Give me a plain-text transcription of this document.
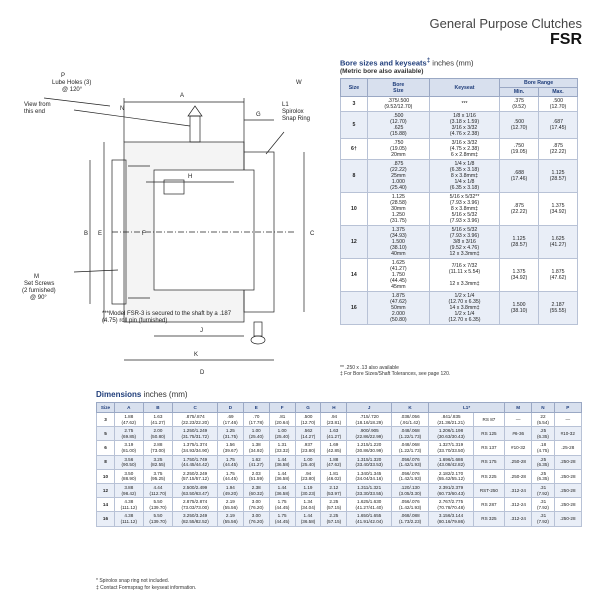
General Purpose Clutches
FSR
View from
this end
P
Lube Holes (3)
@ 120°
L1
Spirolox
Snap Ring
M
Set Screws
(2 furnished)
@ 90°
***Model FSR-3 is secured to the shaft by a .187
(4.75) roll pin (furnished)
A
W
G
N
H
B E	F	C
K
J
D
Bore sizes and keyseats‡ inches (mm)
(Metric bore also available)
Size	Bore
Size	Keyseat	Bore Range	
			Min.	Max.
3	.375/.500
(9.52/12.70)	***	.375
(9.52)	.500
(12.70)
5	.500
(12.70)
.625
(15.88)	1/8 x 1/16
(3.18 x 1.59)
3/16 x 3/32
(4.76 x 2.38)	.500
(12.70)	.687
(17.45)
6†	.750
(19.05)
20mm	3/16 x 3/32
(4.75 x 2.38)
6 x 2.8mm‡	.750
(19.05)	.875
(22.22)
8	.875
(22.22)
25mm
1.000
(25.40)	1/4 x 1/8
(6.35 x 3.18)
8 x 3.8mm‡
1/4 x 1/8
(6.35 x 3.18)	.688
(17.46)	1.125
(28.57)
10	1.125
(28.58)
30mm
1.250
(31.75)	5/16 x 5/32**
(7.93 x 3.96)
8 x 3.8mm‡
5/16 x 5/32
(7.93 x 3.96)	.875
(22.22)	1.375
(34.92)
12	1.375
(34.93)
1.500
(38.10)
40mm	5/16 x 5/32
(7.93 x 3.96)
3/8 x 3/16
(9.52 x 4.76)
12 x 3.3mm‡	1.125
(28.57)	1.625
(41.27)
14	1.625
(41.27)
1.750
(44.45)
45mm	7/16 x 7/32
(11.11 x 5.54)

12 x 3.3mm‡	1.375
(34.92)	1.875
(47.62)
16	1.875
(47.62)
50mm
2.000
(50.80)	1/2 x 1/4
(12.70 x 6.35)
14 x 3.8mm‡
1/2 x 1/4
(12.70 x 6.35)	1.500
(38.10)	2.187
(55.55)
** .250 x .13 also available
‡ For Bore Sizes/Shaft Tolerances, see page 120.
Dimensions inches (mm)
Size	A	B	C	D	E	F	G	H	J	K	L1*		M	N	P
3	1.88
(47.62)	1.63
(41.27)	.875/.874
(22.23/22.20)	.69
(17.46)	.70
(17.78)	.81
(20.64)	.500
(12.70)	.94
(23.81)	.715/.720
(18.16/18.29)	.038/.056
(.91/1.42)	.841/.835
(21.36/21.21)	RS 87	—	22
(5.54)	—
5	2.75
(69.85)	2.00
(50.80)	1.250/1.249
(31.75/31.72)	1.25
(31.75)	1.00
(25.40)	1.00
(25.40)	.562
(14.27)	1.63
(41.27)	.900/.905
(22.86/22.99)	.048/.068
(1.22/1.73)	1.206/1.198
(30.63/30.43)	RS 125	#6-36	.25
(6.35)	#10-32
6	3.19
(81.00)	2.88
(73.00)	1.375/1.374
(34.93/34.90)	1.56
(39.67)	1.38
(34.92)	1.31
(33.32)	.937
(23.80)	1.69
(42.85)	1.215/1.220
(30.86/30.99)	.048/.068
(1.22/1.73)	1.327/1.319
(33.70/33.50)	RS 137	#10-32	.18
(4.75)	.25-28
8	3.56
(90.50)	3.25
(82.55)	1.750/1.749
(44.45/44.42)	1.75
(44.45)	1.62
(41.27)	1.44
(36.58)	1.00
(25.40)	1.88
(47.62)	1.315/1.320
(33.40/33.53)	.056/.076
(1.42/1.93)	1.696/1.686
(43.08/42.82)	RS 175	.250-28	.25
(6.35)	.250-28
10	3.50
(88.90)	3.75
(95.25)	2.250/2.249
(57.15/57.12)	1.75
(44.45)	2.03
(51.59)	1.44
(36.58)	.94
(23.80)	1.81
(46.02)	1.340/1.345
(34.04/34.16)	.056/.076
(1.42/1.93)	2.182/2.170
(55.42/55.12)	RS 225	.250-28	.25
(6.35)	.250-28
12	3.88
(98.42)	4.44
(112.70)	2.500/2.499
(63.50/63.47)	1.94
(49.20)	2.38
(60.32)	1.44
(36.58)	1.19
(30.23)	2.12
(53.97)	1.311/1.321
(33.30/33.55)	.120/.130
(3.05/3.30)	2.391/2.379
(60.73/60.43)	RST-250	.312-24	.31
(7.92)	.250-28
14	4.38
(111.12)	5.50
(139.70)	2.875/2.874
(73.03/73.00)	2.19
(55.56)	3.00
(76.20)	1.75
(44.45)	1.34
(34.04)	2.25
(57.15)	1.625/1.630
(41.27/41.40)	.056/.076
(1.42/1.93)	2.767/2.775
(70.78/70.48)	RS 287	.312-24	.31
(7.92)	.250-28
16	4.38
(111.12)	5.50
(139.70)	3.250/3.249
(82.55/82.52)	2.19
(55.56)	3.00
(76.20)	1.75
(44.45)	1.44
(36.58)	2.25
(57.15)	1.650/1.655
(41.91/42.04)	.068/.088
(1.73/2.23)	3.156/3.144
(80.16/79.86)	RS 325	.312-24	.31
(7.92)	.250-28
* Spirolox snap ring not included.
‡ Contact Formsprag for keyseat information.
